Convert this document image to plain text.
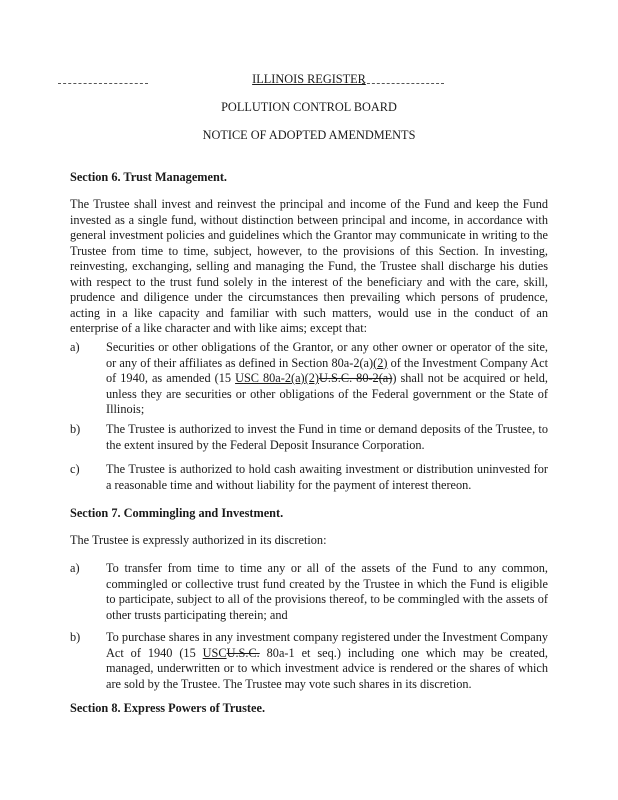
ILLINOIS REGISTER
POLLUTION CONTROL BOARD
NOTICE OF ADOPTED AMENDMENTS
Section 6. Trust Management.
The Trustee shall invest and reinvest the principal and income of the Fund and keep the Fund invested as a single fund, without distinction between principal and income, in accordance with general investment policies and guidelines which the Grantor may communicate in writing to the Trustee from time to time, subject, however, to the provisions of this Section. In investing, reinvesting, exchanging, selling and managing the Fund, the Trustee shall discharge his duties with respect to the trust fund solely in the interest of the beneficiary and with the care, skill, prudence and diligence under the circumstances then prevailing which persons of prudence, acting in a like capacity and familiar with such matters, would use in the conduct of an enterprise of a like character and with like aims; except that:
a) Securities or other obligations of the Grantor, or any other owner or operator of the site, or any of their affiliates as defined in Section 80a-2(a)(2) of the Investment Company Act of 1940, as amended (15 USC 80a-2(a)(2)U.S.C. 80-2(a)) shall not be acquired or held, unless they are securities or other obligations of the Federal government or the State of Illinois;
b) The Trustee is authorized to invest the Fund in time or demand deposits of the Trustee, to the extent insured by the Federal Deposit Insurance Corporation.
c) The Trustee is authorized to hold cash awaiting investment or distribution uninvested for a reasonable time and without liability for the payment of interest thereon.
Section 7. Commingling and Investment.
The Trustee is expressly authorized in its discretion:
a) To transfer from time to time any or all of the assets of the Fund to any common, commingled or collective trust fund created by the Trustee in which the Fund is eligible to participate, subject to all of the provisions thereof, to be commingled with the assets of other trusts participating therein; and
b) To purchase shares in any investment company registered under the Investment Company Act of 1940 (15 USCU.S.C. 80a-1 et seq.) including one which may be created, managed, underwritten or to which investment advice is rendered or the shares of which are sold by the Trustee. The Trustee may vote such shares in its discretion.
Section 8. Express Powers of Trustee.
